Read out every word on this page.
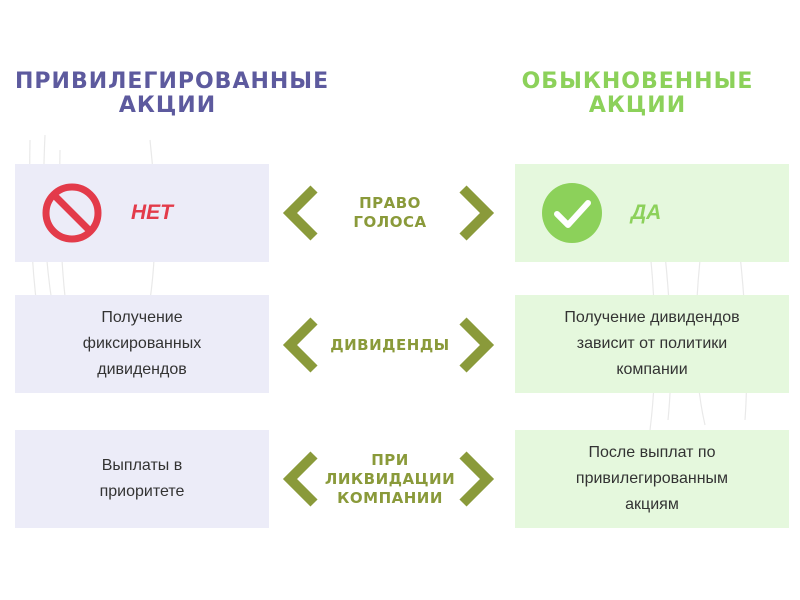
ПРИВИЛЕГИРОВАННЫЕ
АКЦИИ
ОБЫКНОВЕННЫЕ
АКЦИИ
НЕТ	ДА
ПРАВО
ГОЛОСА
Получение
фиксированных
дивидендов
Получение дивидендов
зависит от политики
компании
ДИВИДЕНДЫ
Выплаты в
приоритете
После выплат по
привилегированным
акциям
ПРИ
ЛИКВИДАЦИИ
КОМПАНИИ
